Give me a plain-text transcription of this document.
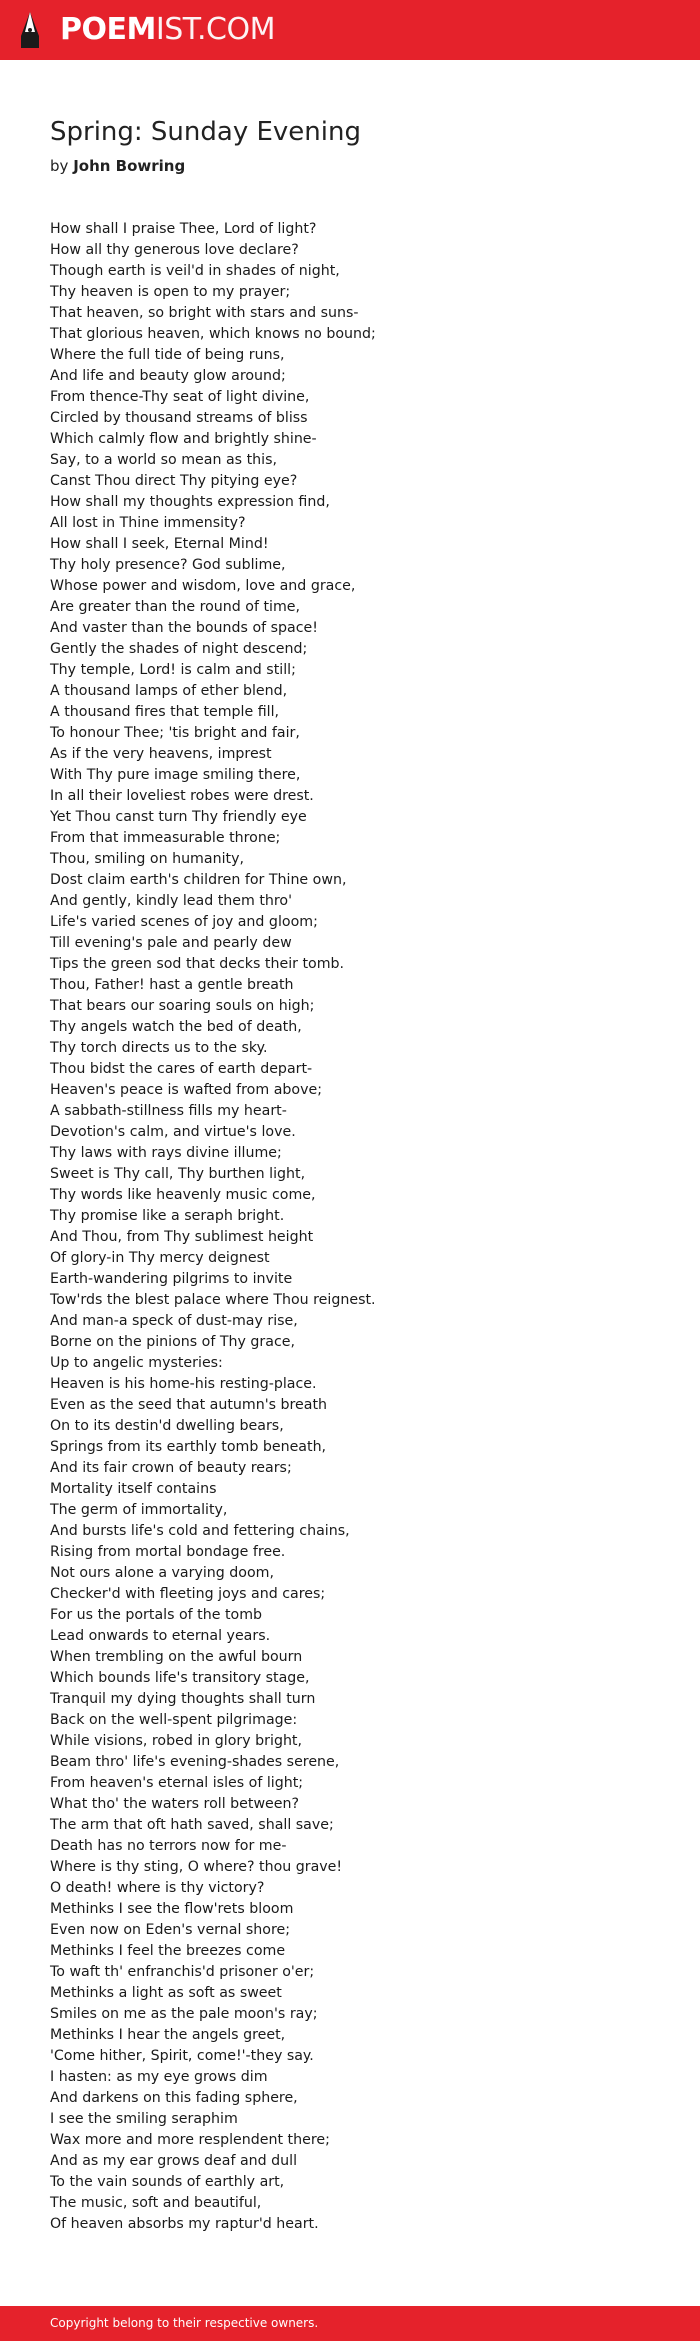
POEMIST.COM
Spring: Sunday Evening
by John Bowring
How shall I praise Thee, Lord of light?
How all thy generous love declare?
Though earth is veil'd in shades of night,
Thy heaven is open to my prayer;
That heaven, so bright with stars and suns-
That glorious heaven, which knows no bound;
Where the full tide of being runs,
And life and beauty glow around;
From thence-Thy seat of light divine,
Circled by thousand streams of bliss
Which calmly flow and brightly shine-
Say, to a world so mean as this,
Canst Thou direct Thy pitying eye?
How shall my thoughts expression find,
All lost in Thine immensity?
How shall I seek, Eternal Mind!
Thy holy presence? God sublime,
Whose power and wisdom, love and grace,
Are greater than the round of time,
And vaster than the bounds of space!
Gently the shades of night descend;
Thy temple, Lord! is calm and still;
A thousand lamps of ether blend,
A thousand fires that temple fill,
To honour Thee; 'tis bright and fair,
As if the very heavens, imprest
With Thy pure image smiling there,
In all their loveliest robes were drest.
Yet Thou canst turn Thy friendly eye
From that immeasurable throne;
Thou, smiling on humanity,
Dost claim earth's children for Thine own,
And gently, kindly lead them thro'
Life's varied scenes of joy and gloom;
Till evening's pale and pearly dew
Tips the green sod that decks their tomb.
Thou, Father! hast a gentle breath
That bears our soaring souls on high;
Thy angels watch the bed of death,
Thy torch directs us to the sky.
Thou bidst the cares of earth depart-
Heaven's peace is wafted from above;
A sabbath-stillness fills my heart-
Devotion's calm, and virtue's love.
Thy laws with rays divine illume;
Sweet is Thy call, Thy burthen light,
Thy words like heavenly music come,
Thy promise like a seraph bright.
And Thou, from Thy sublimest height
Of glory-in Thy mercy deignest
Earth-wandering pilgrims to invite
Tow'rds the blest palace where Thou reignest.
And man-a speck of dust-may rise,
Borne on the pinions of Thy grace,
Up to angelic mysteries:
Heaven is his home-his resting-place.
Even as the seed that autumn's breath
On to its destin'd dwelling bears,
Springs from its earthly tomb beneath,
And its fair crown of beauty rears;
Mortality itself contains
The germ of immortality,
And bursts life's cold and fettering chains,
Rising from mortal bondage free.
Not ours alone a varying doom,
Checker'd with fleeting joys and cares;
For us the portals of the tomb
Lead onwards to eternal years.
When trembling on the awful bourn
Which bounds life's transitory stage,
Tranquil my dying thoughts shall turn
Back on the well-spent pilgrimage:
While visions, robed in glory bright,
Beam thro' life's evening-shades serene,
From heaven's eternal isles of light;
What tho' the waters roll between?
The arm that oft hath saved, shall save;
Death has no terrors now for me-
Where is thy sting, O where? thou grave!
O death! where is thy victory?
Methinks I see the flow'rets bloom
Even now on Eden's vernal shore;
Methinks I feel the breezes come
To waft th' enfranchis'd prisoner o'er;
Methinks a light as soft as sweet
Smiles on me as the pale moon's ray;
Methinks I hear the angels greet,
'Come hither, Spirit, come!'-they say.
I hasten: as my eye grows dim
And darkens on this fading sphere,
I see the smiling seraphim
Wax more and more resplendent there;
And as my ear grows deaf and dull
To the vain sounds of earthly art,
The music, soft and beautiful,
Of heaven absorbs my raptur'd heart.
Copyright belong to their respective owners.
